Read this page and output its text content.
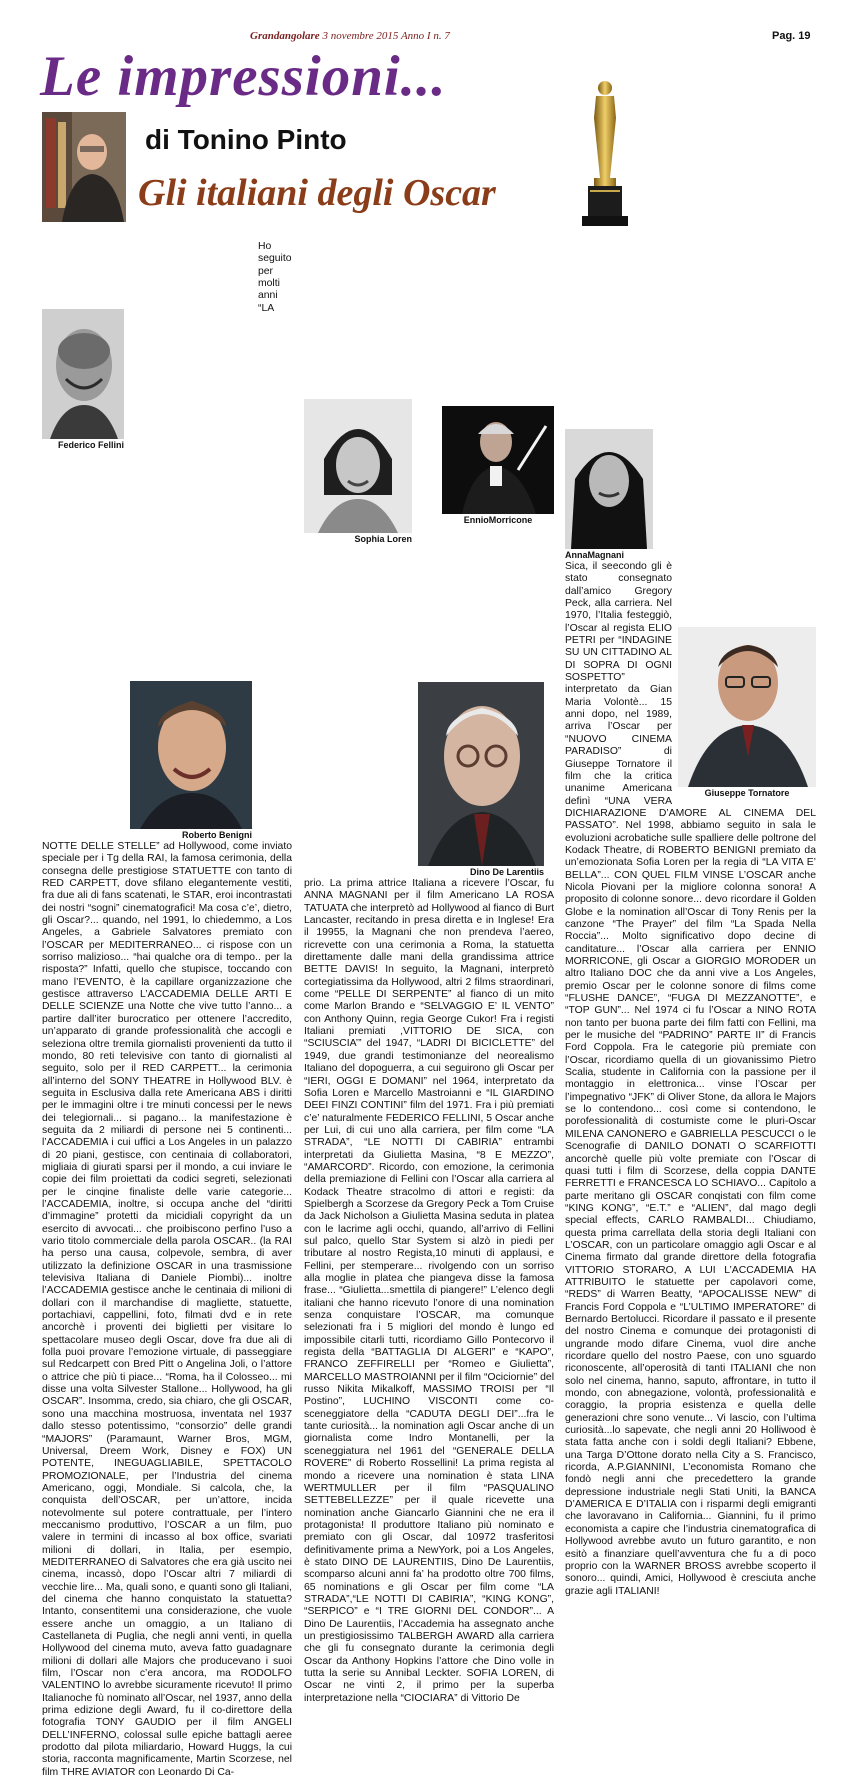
Grandangolare 3 novembre 2015 Anno I n. 7	Pag. 19
Le impressioni...
di Tonino Pinto
Gli italiani degli Oscar
Federico Fellini
Roberto Benigni
Ho seguito per molti anni “LA NOTTE DELLE STELLE” ad Hollywood, come inviato speciale per i Tg della RAI, la famosa cerimonia, della consegna delle prestigiose STATUETTE con tanto di RED CARPETT, dove sfilano elegantemente vestiti, fra due ali di fans scatenati, le STAR, eroi incontrastati dei nostri “sogni” cinematografici! Ma cosa c’e’, dietro, gli Oscar?... quando, nel 1991, lo chiedemmo, a Los Angeles, a Gabriele Salvatores premiato con l’OSCAR per MEDITERRANEO... ci rispose con un sorriso malizioso... “hai qualche ora di tempo.. per la risposta?” Infatti, quello che stupisce, toccando con mano l’EVENTO, è la capillare organizzazione che gestisce attraverso L’ACCADEMIA DELLE ARTI E DELLE SCIENZE una Notte che vive tutto l’anno... a partire dall’iter burocratico per ottenere l’accredito, un’apparato di grande professionalità che accogli e seleziona oltre tremila giornalisti provenienti da tutto il mondo, 80 reti televisive con tanto di giornalisti al seguito, solo per il RED CARPETT... la cerimonia all’interno del SONY THEATRE in Hollywood BLV. è seguita in Esclusiva dalla rete Americana ABS i diritti per le immagini oltre i tre minuti concessi per le news dei telegiornali... si pagano... la manifestazione è seguita da 2 miliardi di persone nei 5 continenti... l’ACCADEMIA i cui uffici a Los Angeles in un palazzo di 20 piani, gestisce, con centinaia di collaboratori, migliaia di giurati sparsi per il mondo, a cui inviare le copie dei film proiettati da codici segreti, selezionati per le cinqine finaliste delle varie categorie... l’ACCADEMIA, inoltre, si occupa anche del “diritti d’immagine” protetti da micidiali copyright da un esercito di avvocati... che proibiscono perfino l’uso a vario titolo commerciale della parola OSCAR.. (la RAI ha perso una causa, colpevole, sembra, di aver utilizzato la definizione OSCAR in una trasmissione televisiva Italiana di Daniele Piombi)... inoltre l’ACCADEMIA gestisce anche le centinaia di milioni di dollari con il marchandise di magliette, statuette, portachiavi, cappellini, foto, filmati dvd e in rete ancorchè i proventi dei biglietti per visitare lo spettacolare museo degli Oscar, dove fra due ali di folla puoi provare l’emozione virtuale, di passeggiare sul Redcarpett con Bred Pitt o Angelina Joli, o l’attore o attrice che più ti piace... “Roma, ha il Colosseo... mi disse una volta Silvester Stallone... Hollywood, ha gli OSCAR”. Insomma, credo, sia chiaro, che gli OSCAR, sono una macchina mostruosa, inventata nel 1937 dallo stesso potentissimo, “consorzio” delle grandi “MAJORS” (Paramaunt, Warner Bros, MGM, Universal, Dreem Work, Disney e FOX) UN POTENTE, INEGUAGLIABILE, SPETTACOLO PROMOZIONALE, per l’Industria del cinema Americano, oggi, Mondiale. Si calcola, che, la conquista dell’OSCAR, per un’attore, incida notevolmente sul potere contrattuale, per l’intero meccanismo produttivo, l’OSCAR a un film, puo valere in termini di incasso al box office, svariati milioni di dollari, in Italia, per esempio, MEDITERRANEO di Salvatores che era già uscito nei cinema, incassò, dopo l’Oscar altri 7 miliardi di vecchie lire... Ma, quali sono, e quanti sono gli Italiani, del cinema che hanno conquistato la statuetta? Intanto, consentitemi una considerazione, che vuole essere anche un omaggio, a un Italiano di Castellaneta di Puglia, che negli anni venti, in quella Hollywood del cinema muto, aveva fatto guadagnare milioni di dollari alle Majors che producevano i suoi film, l’Oscar non c’era ancora, ma RODOLFO VALENTINO lo avrebbe sicuramente ricevuto! Il primo Italianoche fù nominato all’Oscar, nel 1937, anno della prima edizione degli Award, fu il co-direttore della fotografia TONY GAUDIO per il film ANGELI DELL’INFERNO, colossal sulle epiche battagli aeree prodotto dal pilota miliardario, Howard Huggs, la cui storia, racconta magnificamente, Martin Scorzese, nel film THRE AVIATOR con Leonardo Di Ca-
Sophia Loren
EnnioMorricone
Dino De Larentiis
prio. La prima attrice Italiana a ricevere l’Oscar, fu ANNA MAGNANI per il film Americano LA ROSA TATUATA che interpretò ad Hollywood al fianco di Burt Lancaster, recitando in presa diretta e in Inglese! Era il 19955, la Magnani che non prendeva l’aereo, ricrevette con una cerimonia a Roma, la statuetta direttamente dalle mani della grandissima attrice BETTE DAVIS! In seguito, la Magnani, interpretò cortegiatissima da Hollywood, altri 2 films straordinari, come “PELLE DI SERPENTE” al fianco di un mito come Marlon Brando e “SELVAGGIO E’ IL VENTO” con Anthony Quinn, regia George Cukor! Fra i registi Italiani premiati ,VITTORIO DE SICA, con “SCIUSCIA’” del 1947, “LADRI DI BICICLETTE” del 1949, due grandi testimonianze del neorealismo Italiano del dopoguerra, a cui seguirono gli Oscar per “IERI, OGGI E DOMANI” nel 1964, interpretato da Sofia Loren e Marcello Mastroianni e “IL GIARDINO DEEI FINZI CONTINI” film del 1971. Fra i più premiati c’e’ naturalmente FEDERICO FELLINI, 5 Oscar anche per Lui, di cui uno alla carriera, per film come “LA STRADA”, “LE NOTTI DI CABIRIA” entrambi interpretati da Giulietta Masina, “8 E MEZZO”, “AMARCORD”. Ricordo, con emozione, la cerimonia della premiazione di Fellini con l’Oscar alla carriera al Kodack Theatre stracolmo di attori e registi: da Spielbergh a Scorzese da Gregory Peck a Tom Cruise da Jack Nicholson a Giulietta Masina seduta in platea con le lacrime agli occhi, quando, all’arrivo di Fellini sul palco, quello Star System si alzò in piedi per tributare al nostro Regista,10 minuti di applausi, e Fellini, per stemperare... rivolgendo con un sorriso alla moglie in platea che piangeva disse la famosa frase... “Giulietta...smettila di piangere!” L’elenco degli italiani che hanno ricevuto l’onore di una nomination senza conquistare l’OSCAR, ma comunque selezionati fra i 5 migliori del mondo è lungo ed impossibile citarli tutti, ricordiamo Gillo Pontecorvo il regista della “BATTAGLIA DI ALGERI” e “KAPO”, FRANCO ZEFFIRELLI per “Romeo e Giulietta”, MARCELLO MASTROIANNI per il film “Ociciornie” del russo Nikita Mikalkoff, MASSIMO TROISI per “Il Postino”, LUCHINO VISCONTI come co-sceneggiatore della “CADUTA DEGLI DEI”...fra le tante curiosità... la nomination agli Oscar anche di un giornalista come Indro Montanelli, per la sceneggiatura nel 1961 del “GENERALE DELLA ROVERE” di Roberto Rossellini! La prima regista al mondo a ricevere una nomination è stata LINA WERTMULLER per il film “PASQUALINO SETTEBELLEZZE” per il quale ricevette una nomination anche Giancarlo Giannini che ne era il protagonista! Il produttore Italiano più nominato e premiato con gli Oscar, dal 10972 trasferitosi definitivamente prima a NewYork, poi a Los Angeles, è stato DINO DE LAURENTIIS, Dino De Laurentiis, scomparso alcuni anni fa’ ha prodotto oltre 700 films, 65 nominations e gli Oscar per film come “LA STRADA”,“LE NOTTI DI CABIRIA”, “KING KONG”, “SERPICO” e “I TRE GIORNI DEL CONDOR”... A Dino De Laurentiis, l’Accademia ha assegnato anche un prestigiosissimo TALBERGH AWARD alla carriera che gli fu consegnato durante la cerimonia degli Oscar da Anthony Hopkins l’attore che Dino volle in tutta la serie su Annibal Leckter. SOFIA LOREN, di Oscar ne vinti 2, il primo per la superba interpretazione nella “CIOCIARA” di Vittorio De
AnnaMagnani
Giuseppe Tornatore
Sica, il seecondo gli è stato consegnato dall’amico Gregory Peck, alla carriera. Nel 1970, l’Italia festeggiò, l’Oscar al regista ELIO PETRI per “INDAGINE SU UN CITTADINO AL DI SOPRA DI OGNI SOSPETTO” interpretato da Gian Maria Volontè... 15 anni dopo, nel 1989, arriva l’Oscar per “NUOVO CINEMA PARADISO” di Giuseppe Tornatore il film che la critica unanime Americana definì “UNA VERA DICHIARAZIONE D’AMORE AL CINEMA DEL PASSATO”. Nel 1998, abbiamo seguito in sala le evoluzioni acrobatiche sulle spalliere delle poltrone del Kodack Theatre, di ROBERTO BENIGNI premiato da un’emozionata Sofia Loren per la regia di “LA VITA E’ BELLA”... CON QUEL FILM VINSE L’OSCAR anche Nicola Piovani per la migliore colonna sonora! A proposito di colonne sonore... devo ricordare il Golden Globe e la nomination all’Oscar di Tony Renis per la canzone “The Prayer” del film “La Spada Nella Roccia”... Molto significativo dopo decine di canditature... l’Oscar alla carriera per ENNIO MORRICONE, gli Oscar a GIORGIO MORODER un altro Italiano DOC che da anni vive a Los Angeles, premio Oscar per le colonne sonore di films come “FLUSHE DANCE”, “FUGA DI MEZZANOTTE”, e “TOP GUN”... Nel 1974 ci fu l’Oscar a NINO ROTA non tanto per buona parte dei film fatti con Fellini, ma per le musiche del “PADRINO” PARTE II” di Francis Ford Coppola. Fra le categorie più premiate con l’Oscar, ricordiamo quella di un giovanissimo Pietro Scalia, studente in California con la passione per il montaggio in elettronica... vinse l’Oscar per l’impegnativo “JFK” di Oliver Stone, da allora le Majors se lo contendono... così come si contendono, le porofessionalità di costumiste come le pluri-Oscar MILENA CANONERO e GABRIELLA PESCUCCI o le Scenografie di DANILO DONATI O SCARFIOTTI ancorchè quelle più volte premiate con l’Oscar di quasi tutti i film di Scorzese, della coppia DANTE FERRETTI e FRANCESCA LO SCHIAVO... Capitolo a parte meritano gli OSCAR conqistati con film come “KING KONG”, “E.T.” e “ALIEN”, dal mago degli special effects, CARLO RAMBALDI... Chiudiamo, questa prima carrellata della storia degli Italiani con L’OSCAR, con un particolare omaggio agli Oscar e al Cinema firmato dal grande direttore della fotografia VITTORIO STORARO, A LUI L’ACCADEMIA HA ATTRIBUITO le statuette per capolavori come, “REDS” di Warren Beatty, “APOCALISSE NEW” di Francis Ford Coppola e “L’ULTIMO IMPERATORE” di Bernardo Bertolucci. Ricordare il passato e il presente del nostro Cinema e comunque dei protagonisti di ungrande modo difare Cinema, vuol dire anche ricordare quello del nostro Paese, con uno sguardo riconoscente, all’operosità di tanti ITALIANI che non solo nel cinema, hanno, saputo, affrontare, in tutto il mondo, con abnegazione, volontà, professionalità e coraggio, la propria esistenza e quella delle generazioni chre sono venute... Vi lascio, con l’ultima curiosità...lo sapevate, che negli anni 20 Holliwood è stata fatta anche con i soldi degli Italiani? Ebbene, una Targa D’Ottone dorato nella City a S. Francisco, ricorda, A.P.GIANNINI, L’economista Romano che fondò negli anni che precedettero la grande depressione industriale negli Stati Uniti, la BANCA D’AMERICA E D’ITALIA con i risparmi degli emigranti che lavoravano in California... Giannini, fu il primo economista a capire che l’industria cinematografica di Hollywood avrebbe avuto un futuro garantito, e non esitò a finanziare quell’avventura che fu a di poco proprio con la WARNER BROSS avrebbe scoperto il sonoro... quindi, Amici, Hollywood è cresciuta anche grazie agli ITALIANI!
